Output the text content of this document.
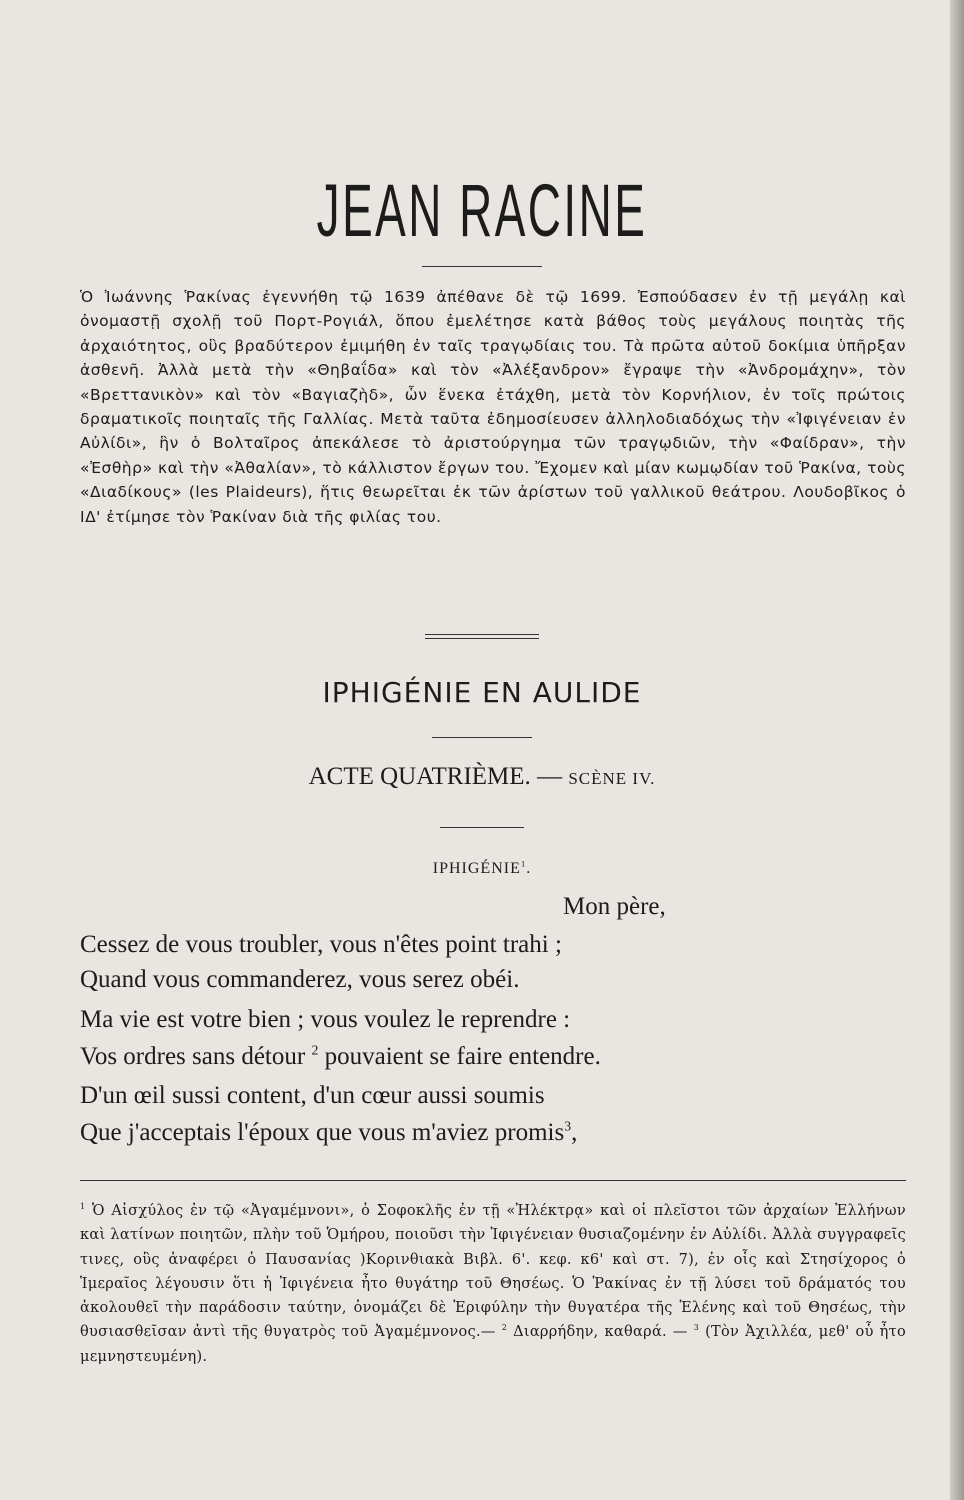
JEAN RACINE

Ὁ Ἰωάννης Ῥακίνας ἐγεννήθη τῷ 1639 ἀπέθανε δὲ τῷ 1699. Ἐσπούδασεν ἐν τῇ μεγάλῃ καὶ ὀνομαστῇ σχολῇ τοῦ Πορτ-Ρογιάλ, ὅπου ἐμελέτησε κατὰ βάθος τοὺς μεγάλους ποιητὰς τῆς ἀρχαιότητος, οὓς βραδύτερον ἐμιμήθη ἐν ταῖς τραγῳδίαις του. Τὰ πρῶτα αὐτοῦ δοκίμια ὑπῆρξαν ἀσθενῆ. Ἀλλὰ μετὰ τὴν «Θηβαΐδα» καὶ τὸν «Ἀλέξανδρον» ἔγραψε τὴν «Ἀνδρομάχην», τὸν «Βρεττανικὸν» καὶ τὸν «Βαγιαζὴδ», ὧν ἕνεκα ἐτάχθη, μετὰ τὸν Κορνήλιον, ἐν τοῖς πρώτοις δραματικοῖς ποιηταῖς τῆς Γαλλίας. Μετὰ ταῦτα ἐδημοσίευσεν ἀλληλοδιαδόχως τὴν «Ἰφιγένειαν ἐν Αὐλίδι», ἣν ὁ Βολταῖρος ἀπεκάλεσε τὸ ἀριστούργημα τῶν τραγῳδιῶν, τὴν «Φαίδραν», τὴν «Ἐσθὴρ» καὶ τὴν «Ἀθαλίαν», τὸ κάλλιστον ἔργων του. Ἔχομεν καὶ μίαν κωμῳδίαν τοῦ Ῥακίνα, τοὺς «Διαδίκους» (les Plaideurs), ἥτις θεωρεῖται ἐκ τῶν ἀρίστων τοῦ γαλλικοῦ θεάτρου. Λουδοβῖκος ὁ ΙΔ' ἐτίμησε τὸν Ῥακίναν διὰ τῆς φιλίας του.

IPHIGÉNIE EN AULIDE

ACTE QUATRIÈME. — SCÈNE IV.

IPHIGÉNIE$^1$.

Mon père,

Cessez de vous troubler, vous n'êtes point trahi ;

Quand vous commanderez, vous serez obéi.

Ma vie est votre bien ; vous voulez le reprendre :

Vos ordres sans détour $^2$ pouvaient se faire entendre.

D'un œil sussi content, d'un cœur aussi soumis

Que j'acceptais l'époux que vous m'aviez promis$^3$,

$^1$ Ὁ Αἰσχύλος ἐν τῷ «Ἀγαμέμνονι», ὁ Σοφοκλῆς ἐν τῇ «Ἠλέκτρᾳ» καὶ οἱ πλεῖστοι τῶν ἀρχαίων Ἑλλήνων καὶ λατίνων ποιητῶν, πλὴν τοῦ Ὁμήρου, ποιοῦσι τὴν Ἰφιγένειαν θυσιαζομένην ἐν Αὐλίδι. Ἀλλὰ συγγραφεῖς τινες, οὓς ἀναφέρει ὁ Παυσανίας )Κορινθιακὰ Βιβλ. 6'. κεφ. κ6' καὶ στ. 7), ἐν οἷς καὶ Στησίχορος ὁ Ἱμεραῖος λέγουσιν ὅτι ἡ Ἰφιγένεια ἦτο θυγάτηρ τοῦ Θησέως. Ὁ Ῥακίνας ἐν τῇ λύσει τοῦ δράματός του ἀκολουθεῖ τὴν παράδοσιν ταύτην, ὀνομάζει δὲ Ἐριφύλην τὴν θυγατέρα τῆς Ἑλένης καὶ τοῦ Θησέως, τὴν θυσιασθεῖσαν ἀντὶ τῆς θυγατρὸς τοῦ Ἀγαμέμνονος.— $^2$ Διαρρήδην, καθαρά. — $^3$ (Τὸν Ἀχιλλέα, μεθ' οὗ ἦτο μεμνηστευμένη).
